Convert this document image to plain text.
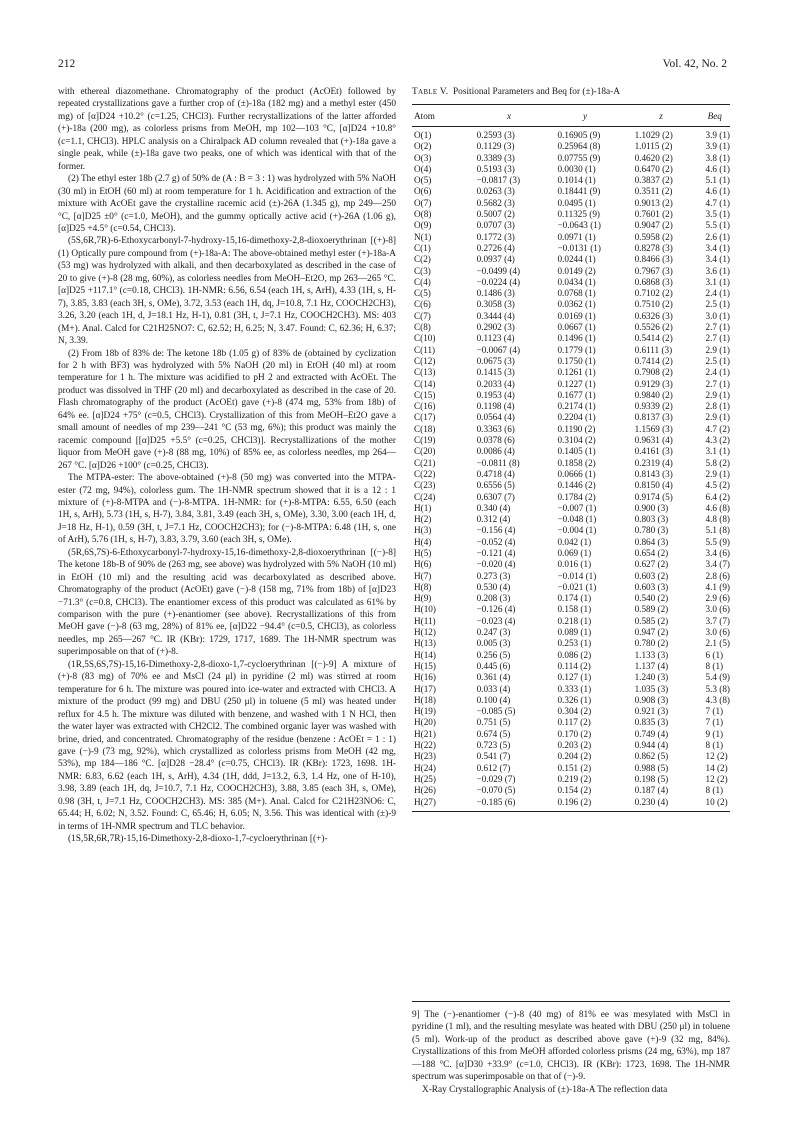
212	Vol. 42, No. 2

with ethereal diazomethane. Chromatography of the product (AcOEt) followed by repeated crystallizations gave a further crop of (±)-18a (182 mg) and a methyl ester (450 mg) of [α]D24 +10.2° (c=1.25, CHCl3). Further recrystallizations of the latter afforded (+)-18a (200 mg), as colorless prisms from MeOH, mp 102—103 °C, [α]D24 +10.8° (c=1.1, CHCl3). HPLC analysis on a Chiralpack AD column revealed that (+)-18a gave a single peak, while (±)-18a gave two peaks, one of which was identical with that of the former.

(2) The ethyl ester 18b (2.7 g) of 50% de (A : B = 3 : 1) was hydrolyzed with 5% NaOH (30 ml) in EtOH (60 ml) at room temperature for 1 h. Acidification and extraction of the mixture with AcOEt gave the crystalline racemic acid (±)-26A (1.345 g), mp 249—250 °C, [α]D25 ±0° (c=1.0, MeOH), and the gummy optically active acid (+)-26A (1.06 g), [α]D25 +4.5° (c=0.54, CHCl3).

(5S,6R,7R)-6-Ethoxycarbonyl-7-hydroxy-15,16-dimethoxy-2,8-dioxoerythrinan [(+)-8] (1) Optically pure compound from (+)-18a-A: The above-obtained methyl ester (+)-18a-A (53 mg) was hydrolyzed with alkali, and then decarboxylated as described in the case of 20 to give (+)-8 (28 mg, 60%), as colorless needles from MeOH–Et2O, mp 263—265 °C. [α]D25 +117.1° (c=0.18, CHCl3). 1H-NMR: 6.56, 6.54 (each 1H, s, ArH), 4.33 (1H, s, H-7), 3.85, 3.83 (each 3H, s, OMe), 3.72, 3.53 (each 1H, dq, J=10.8, 7.1 Hz, COOCH2CH3), 3.26, 3.20 (each 1H, d, J=18.1 Hz, H-1), 0.81 (3H, t, J=7.1 Hz, COOCH2CH3). MS: 403 (M+). Anal. Calcd for C21H25NO7: C, 62.52; H, 6.25; N, 3.47. Found: C, 62.36; H, 6.37; N, 3.39.

(2) From 18b of 83% de: The ketone 18b (1.05 g) of 83% de (obtained by cyclization for 2 h with BF3) was hydrolyzed with 5% NaOH (20 ml) in EtOH (40 ml) at room temperature for 1 h. The mixture was acidified to pH 2 and extracted with AcOEt. The product was dissolved in THF (20 ml) and decarboxylated as described in the case of 20. Flash chromatography of the product (AcOEt) gave (+)-8 (474 mg, 53% from 18b) of 64% ee. [α]D24 +75° (c=0.5, CHCl3). Crystallization of this from MeOH–Et2O gave a small amount of needles of mp 239—241 °C (53 mg, 6%); this product was mainly the racemic compound [[α]D25 +5.5° (c=0.25, CHCl3)]. Recrystallizations of the mother liquor from MeOH gave (+)-8 (88 mg, 10%) of 85% ee, as colorless needles, mp 264—267 °C. [α]D26 +100° (c=0.25, CHCl3).

The MTPA-ester: The above-obtained (+)-8 (50 mg) was converted into the MTPA-ester (72 mg, 94%), colorless gum. The 1H-NMR spectrum showed that it is a 12 : 1 mixture of (+)-8-MTPA and (−)-8-MTPA. 1H-NMR: for (+)-8-MTPA: 6.55, 6.50 (each 1H, s, ArH), 5.73 (1H, s, H-7), 3.84, 3.81, 3.49 (each 3H, s, OMe), 3.30, 3.00 (each 1H, d, J=18 Hz, H-1), 0.59 (3H, t, J=7.1 Hz, COOCH2CH3); for (−)-8-MTPA: 6.48 (1H, s, one of ArH), 5.76 (1H, s, H-7), 3.83, 3.79, 3.60 (each 3H, s, OMe).

(5R,6S,7S)-6-Ethoxycarbonyl-7-hydroxy-15,16-dimethoxy-2,8-dioxoerythrinan [(−)-8] The ketone 18b-B of 90% de (263 mg, see above) was hydrolyzed with 5% NaOH (10 ml) in EtOH (10 ml) and the resulting acid was decarboxylated as described above. Chromatography of the product (AcOEt) gave (−)-8 (158 mg, 71% from 18b) of [α]D23 −71.3° (c=0.8, CHCl3). The enantiomer excess of this product was calculated as 61% by comparison with the pure (+)-enantiomer (see above). Recrystallizations of this from MeOH gave (−)-8 (63 mg, 28%) of 81% ee, [α]D22 −94.4° (c=0.5, CHCl3), as colorless needles, mp 265—267 °C. IR (KBr): 1729, 1717, 1689. The 1H-NMR spectrum was superimposable on that of (+)-8.

(1R,5S,6S,7S)-15,16-Dimethoxy-2,8-dioxo-1,7-cycloerythrinan [(−)-9] A mixture of (+)-8 (83 mg) of 70% ee and MsCl (24 μl) in pyridine (2 ml) was stirred at room temperature for 6 h. The mixture was poured into ice-water and extracted with CHCl3. A mixture of the product (99 mg) and DBU (250 μl) in toluene (5 ml) was heated under reflux for 4.5 h. The mixture was diluted with benzene, and washed with 1 N HCl, then the water layer was extracted with CH2Cl2. The combined organic layer was washed with brine, dried, and concentrated. Chromatography of the residue (benzene : AcOEt = 1 : 1) gave (−)-9 (73 mg, 92%), which crystallized as colorless prisms from MeOH (42 mg, 53%), mp 184—186 °C. [α]D28 −28.4° (c=0.75, CHCl3). IR (KBr): 1723, 1698. 1H-NMR: 6.83, 6.62 (each 1H, s, ArH), 4.34 (1H, ddd, J=13.2, 6.3, 1.4 Hz, one of H-10), 3.98, 3.89 (each 1H, dq, J=10.7, 7.1 Hz, COOCH2CH3), 3.88, 3.85 (each 3H, s, OMe), 0.98 (3H, t, J=7.1 Hz, COOCH2CH3). MS: 385 (M+). Anal. Calcd for C21H23NO6: C, 65.44; H, 6.02; N, 3.52. Found: C, 65.46; H, 6.05; N, 3.56. This was identical with (±)-9 in terms of 1H-NMR spectrum and TLC behavior.

(1S,5R,6R,7R)-15,16-Dimethoxy-2,8-dioxo-1,7-cycloerythrinan [(+)-

Table V. Positional Parameters and Beq for (±)-18a-A
Atom	x	y	z	Beq
O(1)	0.2593 (3)	0.16905 (9)	1.1029 (2)	3.9 (1)
O(2)	0.1129 (3)	0.25964 (8)	1.0115 (2)	3.9 (1)
O(3)	0.3389 (3)	0.07755 (9)	0.4620 (2)	3.8 (1)
O(4)	0.5193 (3)	0.0030 (1)	0.6470 (2)	4.6 (1)
O(5)	−0.0817 (3)	0.1014 (1)	0.3837 (2)	5.1 (1)
O(6)	0.0263 (3)	0.18441 (9)	0.3511 (2)	4.6 (1)
O(7)	0.5682 (3)	0.0495 (1)	0.9013 (2)	4.7 (1)
O(8)	0.5007 (2)	0.11325 (9)	0.7601 (2)	3.5 (1)
O(9)	0.0707 (3)	−0.0643 (1)	0.9047 (2)	5.5 (1)
N(1)	0.1772 (3)	0.0971 (1)	0.5958 (2)	2.6 (1)
C(1)	0.2726 (4)	−0.0131 (1)	0.8278 (3)	3.4 (1)
C(2)	0.0937 (4)	0.0244 (1)	0.8466 (3)	3.4 (1)
C(3)	−0.0499 (4)	0.0149 (2)	0.7967 (3)	3.6 (1)
C(4)	−0.0224 (4)	0.0434 (1)	0.6868 (3)	3.1 (1)
C(5)	0.1486 (3)	0.0768 (1)	0.7102 (2)	2.4 (1)
C(6)	0.3058 (3)	0.0362 (1)	0.7510 (2)	2.5 (1)
C(7)	0.3444 (4)	0.0169 (1)	0.6326 (3)	3.0 (1)
C(8)	0.2902 (3)	0.0667 (1)	0.5526 (2)	2.7 (1)
C(10)	0.1123 (4)	0.1496 (1)	0.5414 (2)	2.7 (1)
C(11)	−0.0067 (4)	0.1779 (1)	0.6111 (3)	2.9 (1)
C(12)	0.0675 (3)	0.1750 (1)	0.7414 (2)	2.5 (1)
C(13)	0.1415 (3)	0.1261 (1)	0.7908 (2)	2.4 (1)
C(14)	0.2033 (4)	0.1227 (1)	0.9129 (3)	2.7 (1)
C(15)	0.1953 (4)	0.1677 (1)	0.9840 (2)	2.9 (1)
C(16)	0.1198 (4)	0.2174 (1)	0.9339 (2)	2.8 (1)
C(17)	0.0564 (4)	0.2204 (1)	0.8137 (3)	2.9 (1)
C(18)	0.3363 (6)	0.1190 (2)	1.1569 (3)	4.7 (2)
C(19)	0.0378 (6)	0.3104 (2)	0.9631 (4)	4.3 (2)
C(20)	0.0086 (4)	0.1405 (1)	0.4161 (3)	3.1 (1)
C(21)	−0.0811 (8)	0.1858 (2)	0.2319 (4)	5.8 (2)
C(22)	0.4718 (4)	0.0666 (1)	0.8143 (3)	2.9 (1)
C(23)	0.6556 (5)	0.1446 (2)	0.8150 (4)	4.5 (2)
C(24)	0.6307 (7)	0.1784 (2)	0.9174 (5)	6.4 (2)
H(1)	0.340 (4)	−0.007 (1)	0.900 (3)	4.6 (8)
H(2)	0.312 (4)	−0.048 (1)	0.803 (3)	4.8 (8)
H(3)	−0.156 (4)	−0.004 (1)	0.780 (3)	5.1 (8)
H(4)	−0.052 (4)	0.042 (1)	0.864 (3)	5.5 (9)
H(5)	−0.121 (4)	0.069 (1)	0.654 (2)	3.4 (6)
H(6)	−0.020 (4)	0.016 (1)	0.627 (2)	3.4 (7)
H(7)	0.273 (3)	−0.014 (1)	0.603 (2)	2.8 (6)
H(8)	0.530 (4)	−0.021 (1)	0.603 (3)	4.1 (9)
H(9)	0.208 (3)	0.174 (1)	0.540 (2)	2.9 (6)
H(10)	−0.126 (4)	0.158 (1)	0.589 (2)	3.0 (6)
H(11)	−0.023 (4)	0.218 (1)	0.585 (2)	3.7 (7)
H(12)	0.247 (3)	0.089 (1)	0.947 (2)	3.0 (6)
H(13)	0.005 (3)	0.253 (1)	0.780 (2)	2.1 (5)
H(14)	0.256 (5)	0.086 (2)	1.133 (3)	6 (1)
H(15)	0.445 (6)	0.114 (2)	1.137 (4)	8 (1)
H(16)	0.361 (4)	0.127 (1)	1.240 (3)	5.4 (9)
H(17)	0.033 (4)	0.333 (1)	1.035 (3)	5.3 (8)
H(18)	0.100 (4)	0.326 (1)	0.908 (3)	4.3 (8)
H(19)	−0.085 (5)	0.304 (2)	0.921 (3)	7 (1)
H(20)	0.751 (5)	0.117 (2)	0.835 (3)	7 (1)
H(21)	0.674 (5)	0.170 (2)	0.749 (4)	9 (1)
H(22)	0.723 (5)	0.203 (2)	0.944 (4)	8 (1)
H(23)	0.541 (7)	0.204 (2)	0.862 (5)	12 (2)
H(24)	0.612 (7)	0.151 (2)	0.988 (5)	14 (2)
H(25)	−0.029 (7)	0.219 (2)	0.198 (5)	12 (2)
H(26)	−0.070 (5)	0.154 (2)	0.187 (4)	8 (1)
H(27)	−0.185 (6)	0.196 (2)	0.230 (4)	10 (2)

9] The (−)-enantiomer (−)-8 (40 mg) of 81% ee was mesylated with MsCl in pyridine (1 ml), and the resulting mesylate was heated with DBU (250 μl) in toluene (5 ml). Work-up of the product as described above gave (+)-9 (32 mg, 84%). Crystallizations of this from MeOH afforded colorless prisms (24 mg, 63%), mp 187—188 °C. [α]D30 +33.9° (c=1.0, CHCl3). IR (KBr): 1723, 1698. The 1H-NMR spectrum was superimposable on that of (−)-9.

X-Ray Crystallographic Analysis of (±)-18a-A The reflection data
